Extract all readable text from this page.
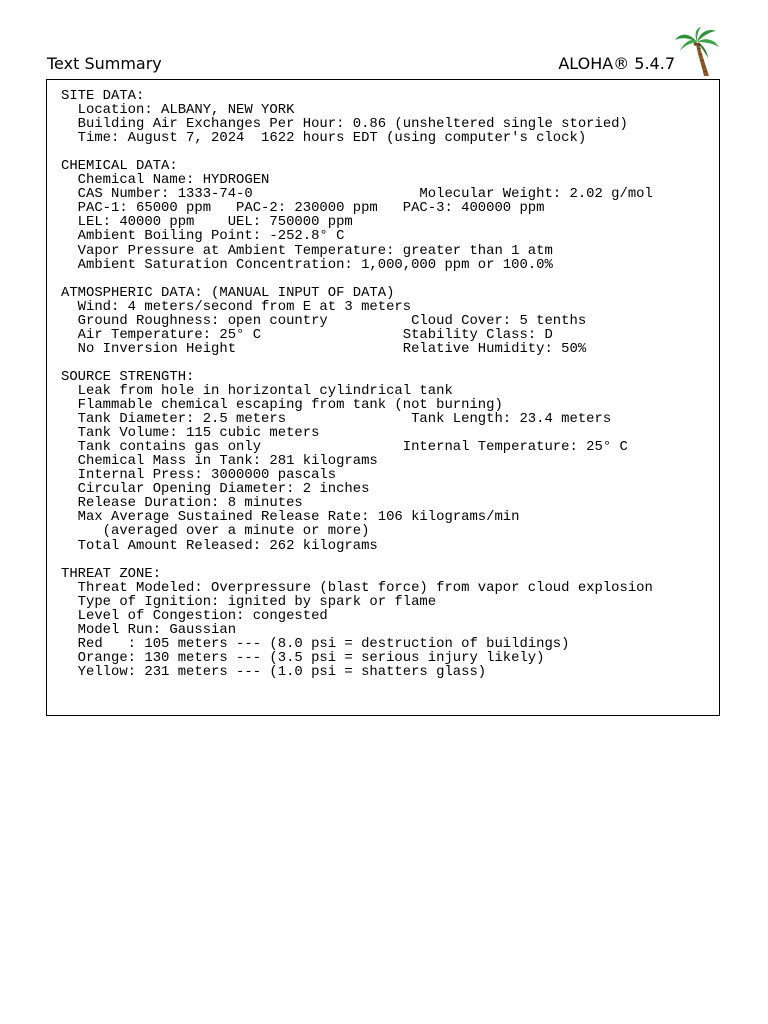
Text Summary	ALOHA® 5.4.7
SITE DATA:
Location: ALBANY, NEW YORK
Building Air Exchanges Per Hour: 0.86 (unsheltered single storied)
Time: August 7, 2024  1622 hours EDT (using computer's clock)

CHEMICAL DATA:
Chemical Name: HYDROGEN
CAS Number: 1333-74-0                    Molecular Weight: 2.02 g/mol
PAC-1: 65000 ppm   PAC-2: 230000 ppm   PAC-3: 400000 ppm
LEL: 40000 ppm    UEL: 750000 ppm
Ambient Boiling Point: -252.8° C
Vapor Pressure at Ambient Temperature: greater than 1 atm
Ambient Saturation Concentration: 1,000,000 ppm or 100.0%

ATMOSPHERIC DATA: (MANUAL INPUT OF DATA)
Wind: 4 meters/second from E at 3 meters
Ground Roughness: open country          Cloud Cover: 5 tenths
Air Temperature: 25° C                 Stability Class: D
No Inversion Height                    Relative Humidity: 50%

SOURCE STRENGTH:
Leak from hole in horizontal cylindrical tank
Flammable chemical escaping from tank (not burning)
Tank Diameter: 2.5 meters               Tank Length: 23.4 meters
Tank Volume: 115 cubic meters
Tank contains gas only                 Internal Temperature: 25° C
Chemical Mass in Tank: 281 kilograms
Internal Press: 3000000 pascals
Circular Opening Diameter: 2 inches
Release Duration: 8 minutes
Max Average Sustained Release Rate: 106 kilograms/min
(averaged over a minute or more)
Total Amount Released: 262 kilograms

THREAT ZONE:
Threat Modeled: Overpressure (blast force) from vapor cloud explosion
Type of Ignition: ignited by spark or flame
Level of Congestion: congested
Model Run: Gaussian
Red   : 105 meters --- (8.0 psi = destruction of buildings)
Orange: 130 meters --- (3.5 psi = serious injury likely)
Yellow: 231 meters --- (1.0 psi = shatters glass)
